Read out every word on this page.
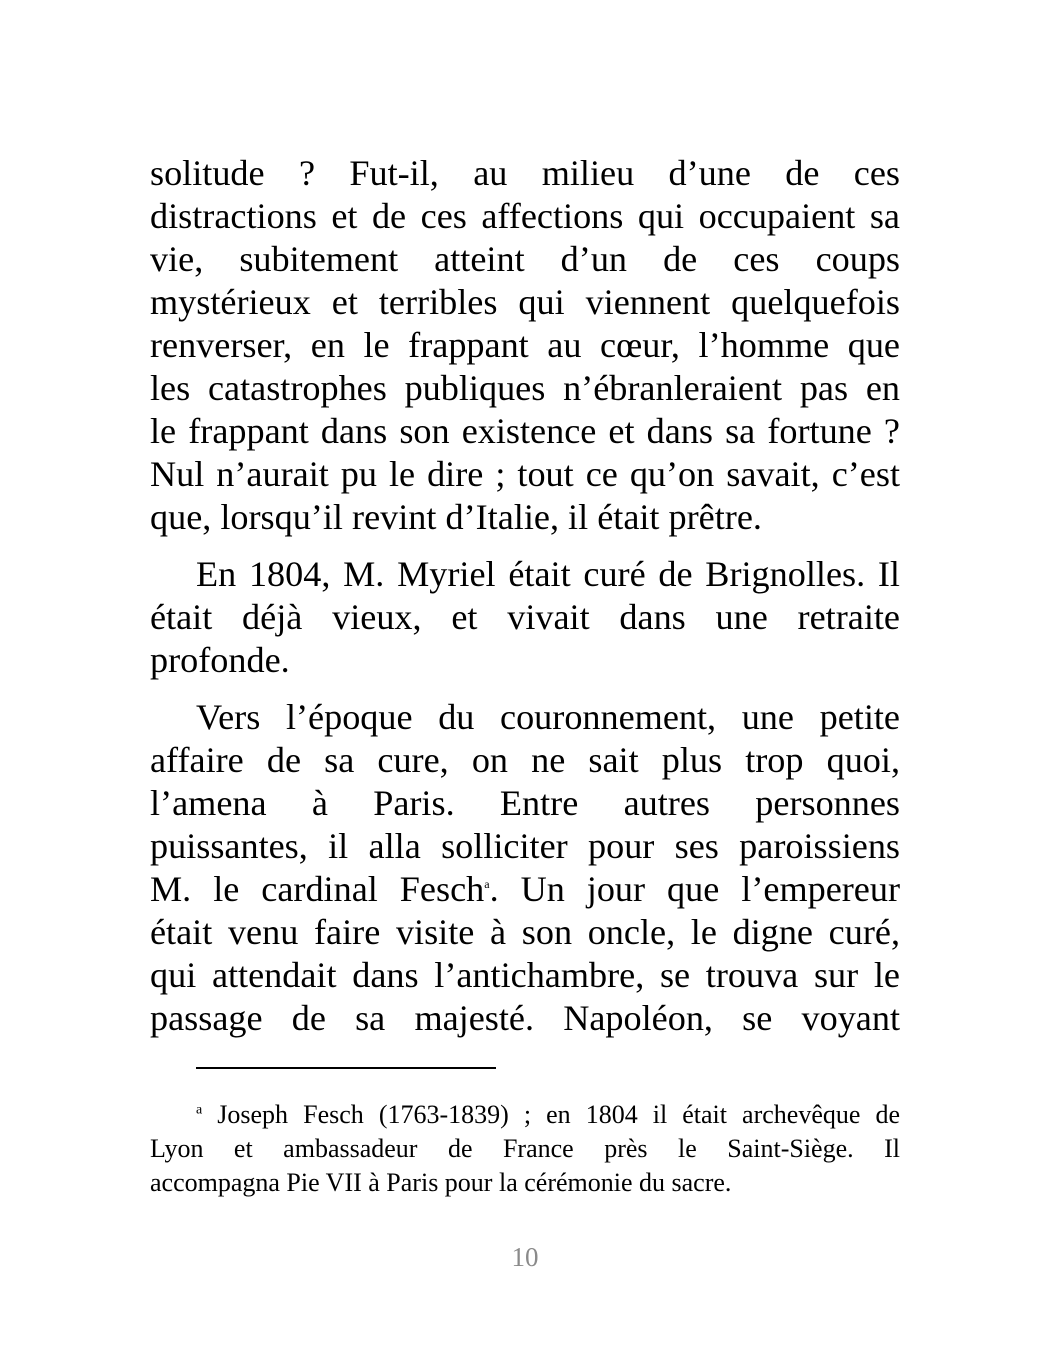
solitude ? Fut-il, au milieu d’une de ces
distractions et de ces affections qui occupaient sa
vie, subitement atteint d’un de ces coups
mystérieux et terribles qui viennent quelquefois
renverser, en le frappant au cœur, l’homme que
les catastrophes publiques n’ébranleraient pas en
le frappant dans son existence et dans sa fortune ?
Nul n’aurait pu le dire ; tout ce qu’on savait, c’est
que, lorsqu’il revint d’Italie, il était prêtre.

En 1804, M. Myriel était curé de Brignolles. Il
était déjà vieux, et vivait dans une retraite
profonde.

Vers l’époque du couronnement, une petite
affaire de sa cure, on ne sait plus trop quoi,
l’amena à Paris. Entre autres personnes
puissantes, il alla solliciter pour ses paroissiens
M. le cardinal Fesch$^a$. Un jour que l’empereur
était venu faire visite à son oncle, le digne curé,
qui attendait dans l’antichambre, se trouva sur le
passage de sa majesté. Napoléon, se voyant

$^a$ Joseph Fesch (1763-1839) ; en 1804 il était archevêque de
Lyon et ambassadeur de France près le Saint-Siège. Il
accompagna Pie VII à Paris pour la cérémonie du sacre.
10
